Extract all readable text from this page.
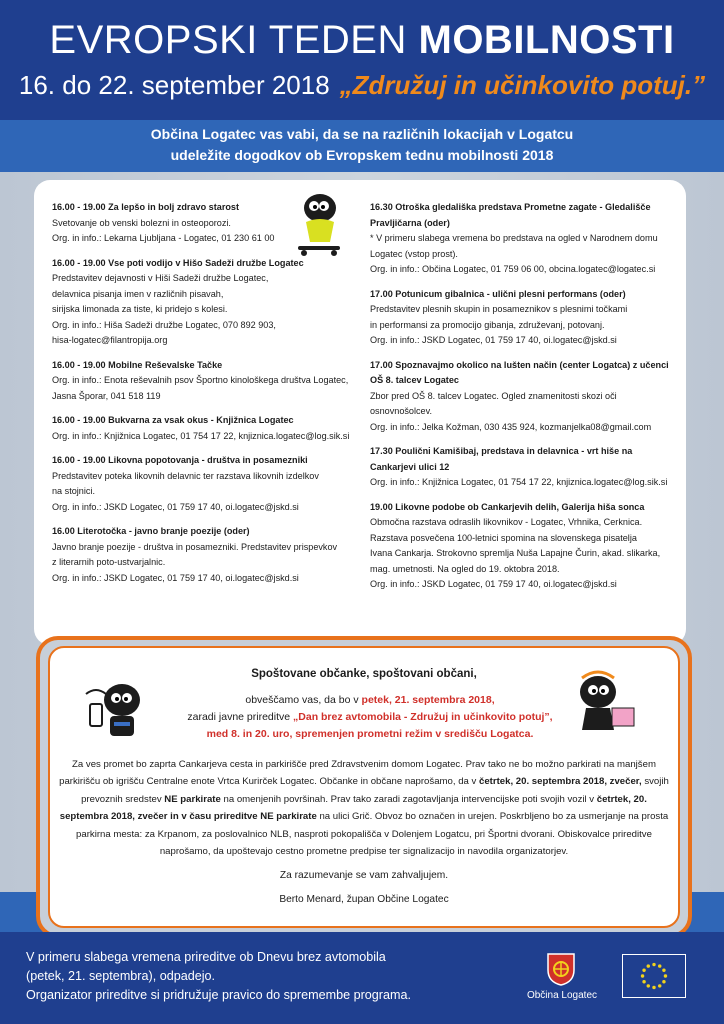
EVROPSKI TEDEN MOBILNOSTI
16. do 22. september 2018 „Združuj in učinkovito potuj.”
Občina Logatec vas vabi, da se na različnih lokacijah v Logatcu
udeležite dogodkov ob Evropskem tednu mobilnosti 2018
16.00 - 19.00 Za lepšo in bolj zdravo starost
Svetovanje ob venski bolezni in osteoporozi.
Org. in info.: Lekarna Ljubljana - Logatec, 01 230 61 00
16.00 - 19.00 Vse poti vodijo v Hišo Sadeži družbe Logatec
Predstavitev dejavnosti v Hiši Sadeži družbe Logatec,
delavnica pisanja imen v različnih pisavah,
sirijska limonada za tiste, ki pridejo s kolesi.
Org. in info.: Hiša Sadeži družbe Logatec, 070 892 903,
hisa-logatec@filantropija.org
16.00 - 19.00 Mobilne Reševalske Tačke
Org. in info.: Enota reševalnih psov Športno kinološkega društva Logatec,
Jasna Šporar, 041 518 119
16.00 - 19.00 Bukvarna za vsak okus - Knjižnica Logatec
Org. in info.: Knjižnica Logatec, 01 754 17 22, knjiznica.logatec@log.sik.si
16.00 - 19.00 Likovna popotovanja - društva in posamezniki
Predstavitev poteka likovnih delavnic ter razstava likovnih izdelkov
na stojnici.
Org. in info.: JSKD Logatec, 01 759 17 40, oi.logatec@jskd.si
16.00 Literotočka - javno branje poezije (oder)
Javno branje poezije - društva in posamezniki. Predstavitev prispevkov
z literarnih poto-ustvarjalnic.
Org. in info.: JSKD Logatec, 01 759 17 40, oi.logatec@jskd.si
16.30 Otroška gledališka predstava Prometne zagate - Gledališče Pravljičarna (oder)
* V primeru slabega vremena bo predstava na ogled v Narodnem domu
Logatec (vstop prost).
Org. in info.: Občina Logatec, 01 759 06 00, obcina.logatec@logatec.si
17.00 Potunicum gibalnica - ulični plesni performans (oder)
Predstavitev plesnih skupin in posameznikov s plesnimi točkami
in performansi za promocijo gibanja, združevanj, potovanj.
Org. in info.: JSKD Logatec, 01 759 17 40, oi.logatec@jskd.si
17.00 Spoznavajmo okolico na lušten način (center Logatca) z učenci OŠ 8. talcev Logatec
Zbor pred OŠ 8. talcev Logatec. Ogled znamenitosti skozi oči
osnovnošolcev.
Org. in info.: Jelka Kožman, 030 435 924, kozmanjelka08@gmail.com
17.30 Pouličnі Kamišibaj, predstava in delavnica - vrt hiše na Cankarjevi ulici 12
Org. in info.: Knjižnica Logatec, 01 754 17 22, knjiznica.logatec@log.sik.si
19.00 Likovne podobe ob Cankarjevih delih, Galerija hiša sonca
Območna razstava odraslih likovnikov - Logatec, Vrhnika, Cerknica.
Razstava posvečena 100-letnici spomina na slovenskega pisatelja
Ivana Cankarja. Strokovno spremlja Nuša Lapajne Čurin, akad. slikarka,
mag. umetnosti. Na ogled do 19. oktobra 2018.
Org. in info.: JSKD Logatec, 01 759 17 40, oi.logatec@jskd.si
Spoštovane občanke, spoštovani občani,
obveščamo vas, da bo v petek, 21. septembra 2018,
zaradi javne prireditve „Dan brez avtomobila - Združuj in učinkovito potuj”,
med 8. in 20. uro, spremenjen prometni režim v središču Logatca.
Za ves promet bo zaprta Cankarjeva cesta in parkirišče pred Zdravstvenim domom Logatec. Prav tako ne bo možno parkirati na manjšem parkirišču ob igrišču Centralne enote Vrtca Kurirček Logatec. Občanke in občane naprošamo, da v četrtek, 20. septembra 2018, zvečer, svojih prevoznih sredstev NE parkirate na omenjenih površinah. Prav tako zaradi zagotavljanja intervencijske poti svojih vozil v četrtek, 20. septembra 2018, zvečer in v času prireditve NE parkirate na ulici Grič. Obvoz bo označen in urejen. Poskrbljeno bo za usmerjanje na prosta parkirna mesta: za Krpanom, za poslovalnico NLB, nasproti pokopališča v Dolenjem Logatcu, pri Športni dvorani. Obiskovalce prireditve naprošamo, da upoštevajo cestno prometne predpise ter signalizacijo in navodila organizatorjev.
Za razumevanje se vam zahvaljujem.
Berto Menard, župan Občine Logatec
V primeru slabega vremena prireditve ob Dnevu brez avtomobila
(petek, 21. septembra), odpadejo.
Organizator prireditve si pridružuje pravico do spremembe programa.	Občina Logatec
